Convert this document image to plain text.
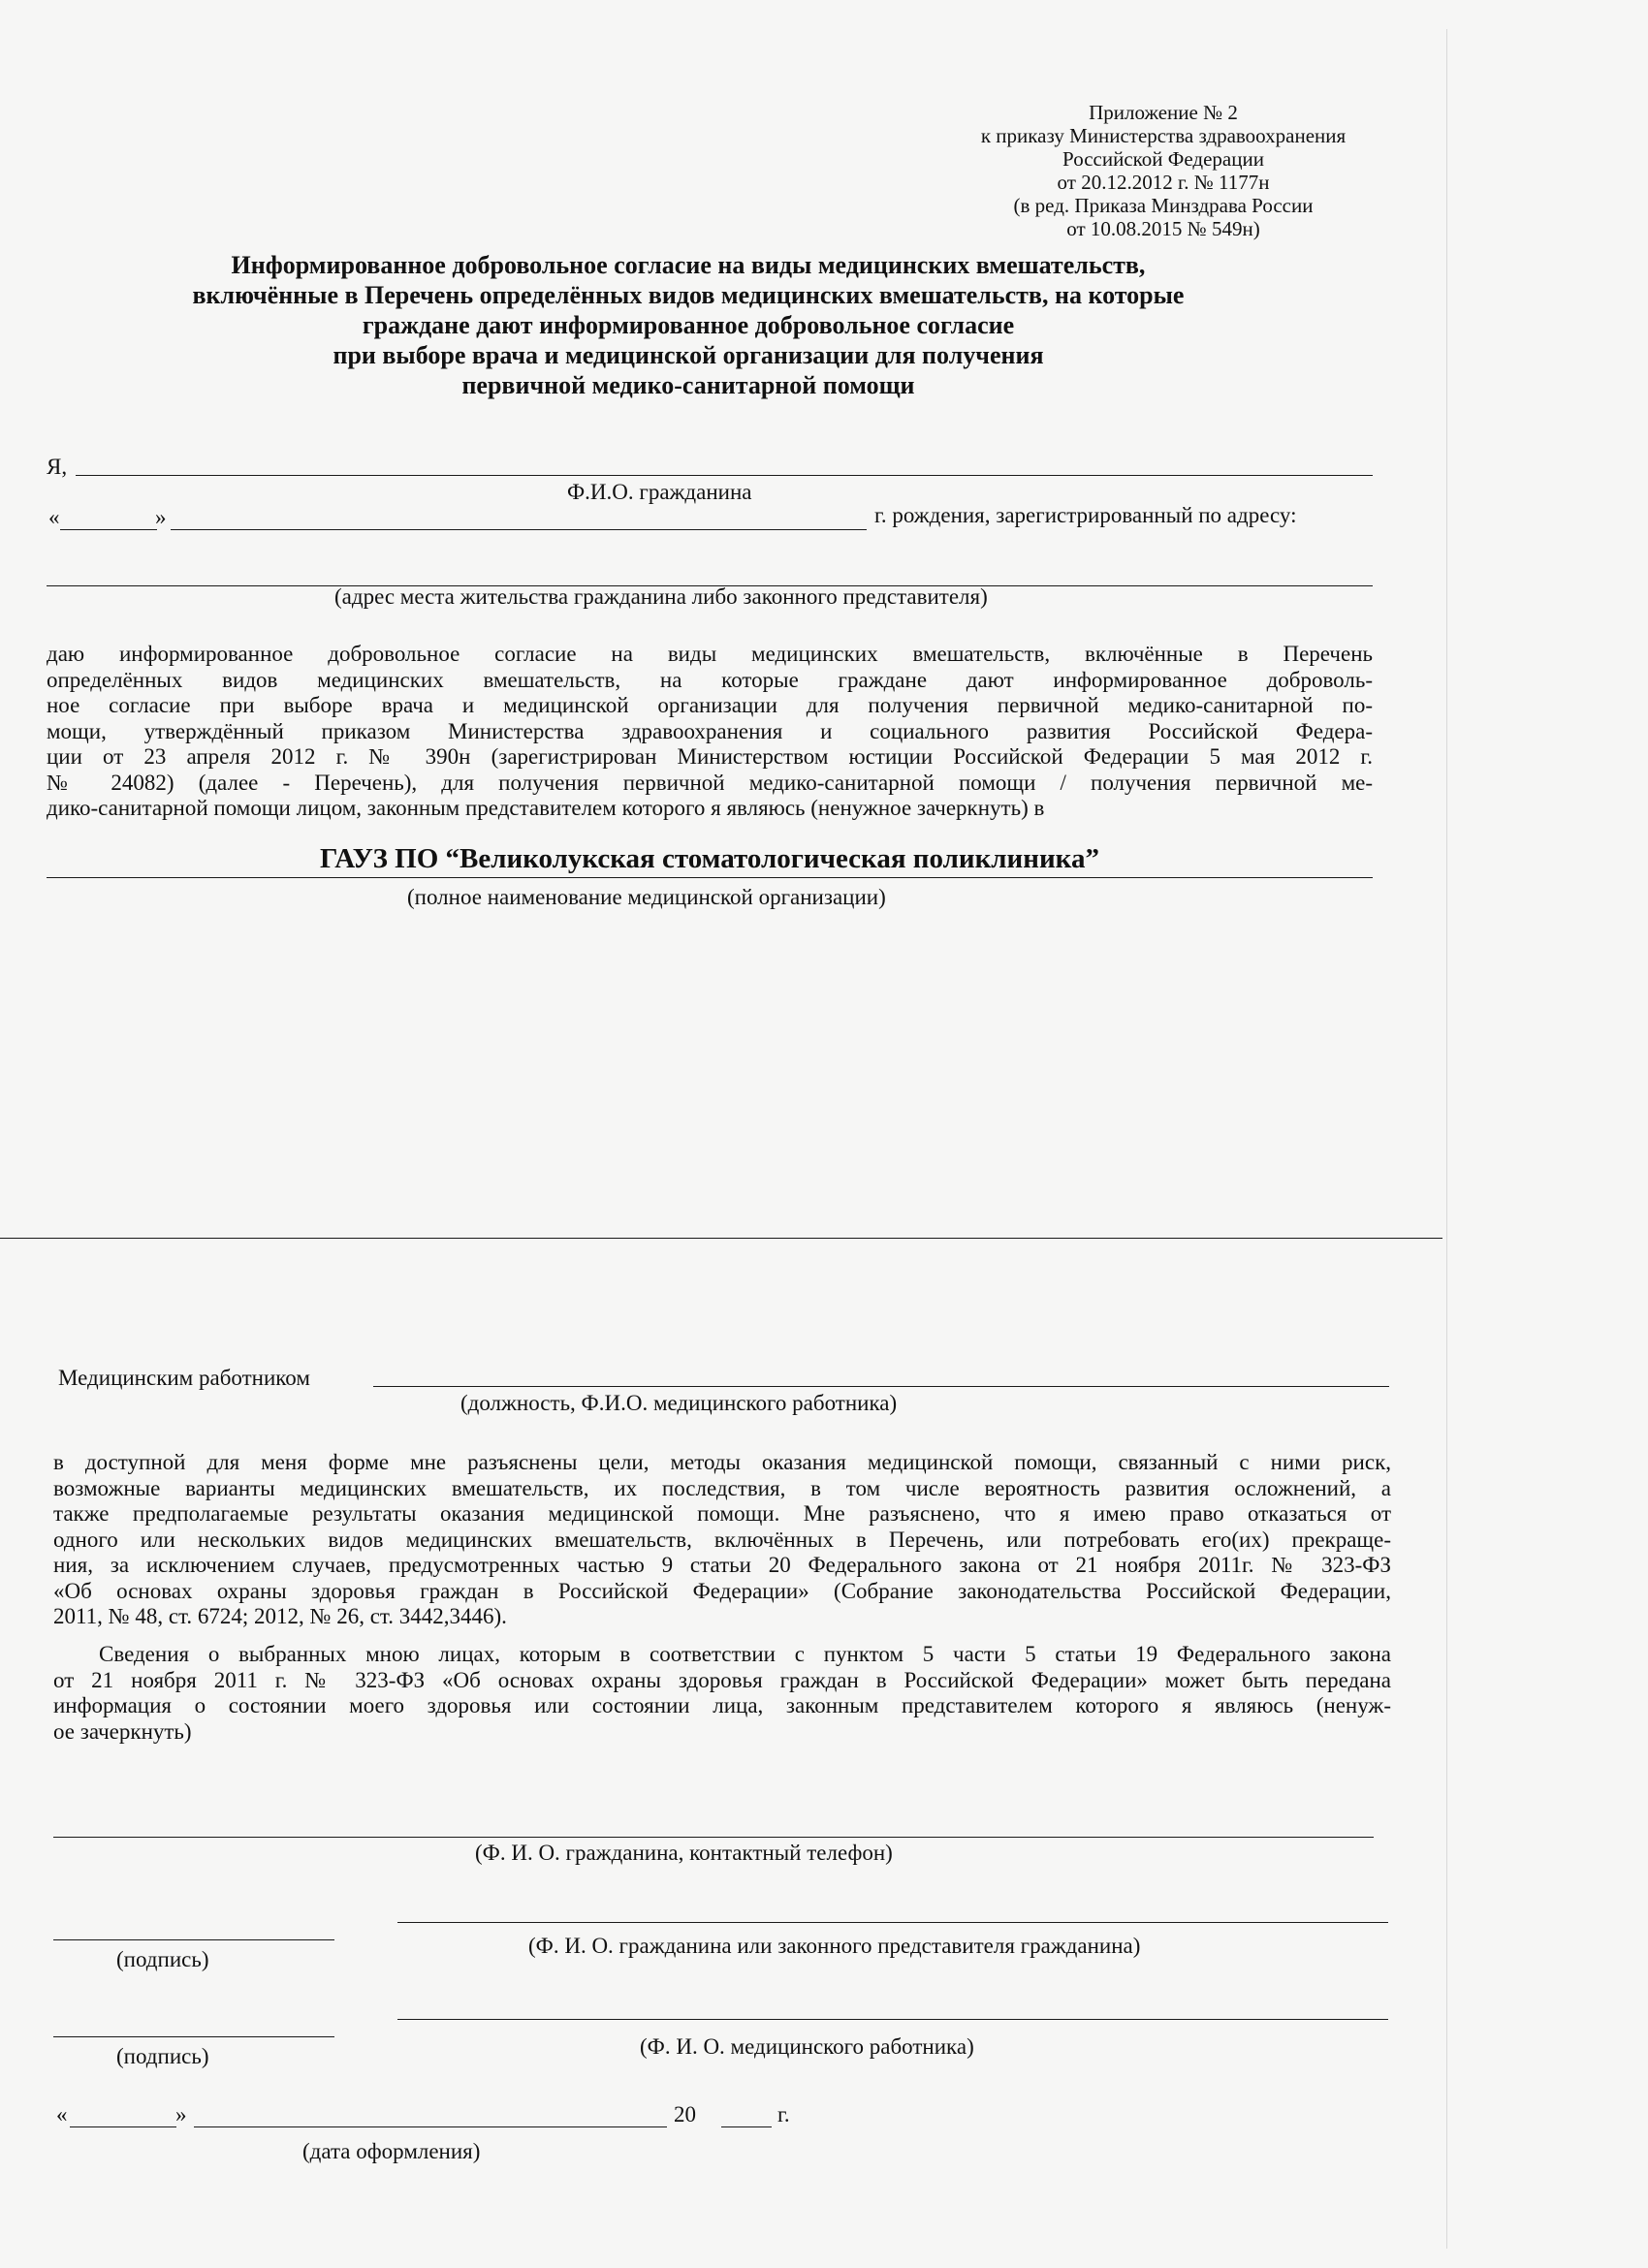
Приложение № 2
к приказу Министерства здравоохранения
Российской Федерации
от 20.12.2012 г. № 1177н
(в ред. Приказа Минздрава России
от 10.08.2015 № 549н)
Информированное добровольное согласие на виды медицинских вмешательств,
включённые в Перечень определённых видов медицинских вмешательств, на которые
граждане дают информированное добровольное согласие
при выборе врача и медицинской организации для получения
первичной медико-санитарной помощи
Я,
Ф.И.О. гражданина
«	»	г. рождения, зарегистрированный по адресу:
(адрес места жительства гражданина либо законного представителя)
даю информированное добровольное согласие на виды медицинских вмешательств, включённые в Перечень
определённых видов медицинских вмешательств, на которые граждане дают информированное доброволь-
ное согласие при выборе врача и медицинской организации для получения первичной медико-санитарной по-
мощи, утверждённый приказом Министерства здравоохранения и социального развития Российской Федера-
ции от 23 апреля 2012 г. № 390н (зарегистрирован Министерством юстиции Российской Федерации 5 мая 2012 г.
№ 24082) (далее - Перечень), для получения первичной медико-санитарной помощи / получения первичной ме-
дико-санитарной помощи лицом, законным представителем которого я являюсь (ненужное зачеркнуть) в
ГАУЗ ПО “Великолукская стоматологическая поликлиника”
(полное наименование медицинской организации)
Медицинским работником
(должность, Ф.И.О. медицинского работника)
в доступной для меня форме мне разъяснены цели, методы оказания медицинской помощи, связанный с ними риск,
возможные варианты медицинских вмешательств, их последствия, в том числе вероятность развития осложнений, а
также предполагаемые результаты оказания медицинской помощи. Мне разъяснено, что я имею право отказаться от
одного или нескольких видов медицинских вмешательств, включённых в Перечень, или потребовать его(их) прекраще-
ния, за исключением случаев, предусмотренных частью 9 статьи 20 Федерального закона от 21 ноября 2011г. № 323-ФЗ
«Об основах охраны здоровья граждан в Российской Федерации» (Собрание законодательства Российской Федерации,
2011, № 48, ст. 6724; 2012, № 26, ст. 3442,3446).
Сведения о выбранных мною лицах, которым в соответствии с пунктом 5 части 5 статьи 19 Федерального закона
от 21 ноября 2011 г. № 323-ФЗ «Об основах охраны здоровья граждан в Российской Федерации» может быть передана
информация о состоянии моего здоровья или состоянии лица, законным представителем которого я являюсь (ненуж-
ое зачеркнуть)
(Ф. И. О. гражданина, контактный телефон)
(подпись)
(Ф. И. О. гражданина или законного представителя гражданина)
(подпись)	(Ф. И. О. медицинского работника)
«	»	20	г.
(дата оформления)
